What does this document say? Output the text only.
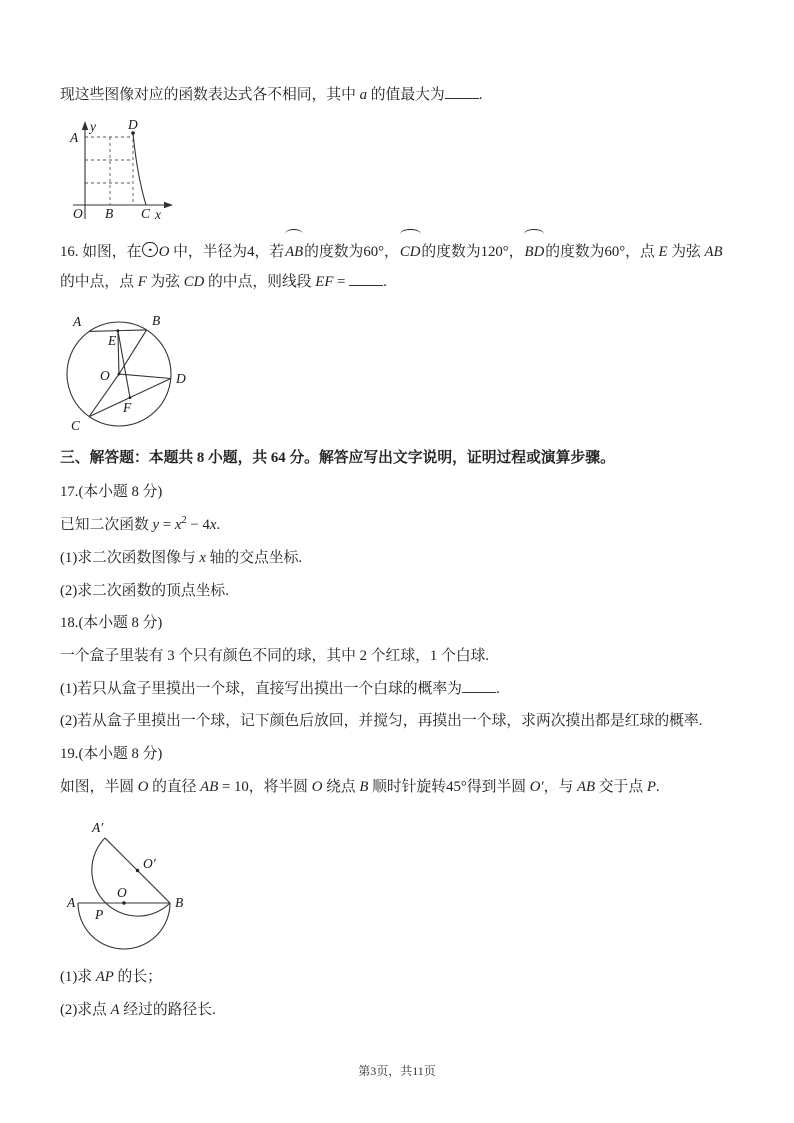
现这些图像对应的函数表达式各不相同，其中 a 的值最大为 .

y
A
D
O B C x

16. 如图，在 O 中，半径为4，若AB的度数为60°，CD的度数为120°，BD的度数为60°，点 E 为弦 AB 的中点，点 F 为弦 CD 的中点，则线段 EF = .

A
E
B
O	D
F
C

三、解答题：本题共 8 小题，共 64 分。解答应写出文字说明，证明过程或演算步骤。

17.(本小题 8 分)

已知二次函数 $y = x^2 - 4x$.

(1)求二次函数图像与 x 轴的交点坐标.

(2)求二次函数的顶点坐标.

18.(本小题 8 分)

一个盒子里装有 3 个只有颜色不同的球，其中 2 个红球，1 个白球.

(1)若只从盒子里摸出一个球，直接写出摸出一个白球的概率为 .

(2)若从盒子里摸出一个球，记下颜色后放回，并搅匀，再摸出一个球，求两次摸出都是红球的概率.

19.(本小题 8 分)

如图，半圆 O 的直径 AB = 10，将半圆 O 绕点 B 顺时针旋转45°得到半圆 O′，与 AB 交于点 P.

A′
O′
A
O
P
B

(1)求 AP 的长；

(2)求点 A 经过的路径长.

第3页，共11页
